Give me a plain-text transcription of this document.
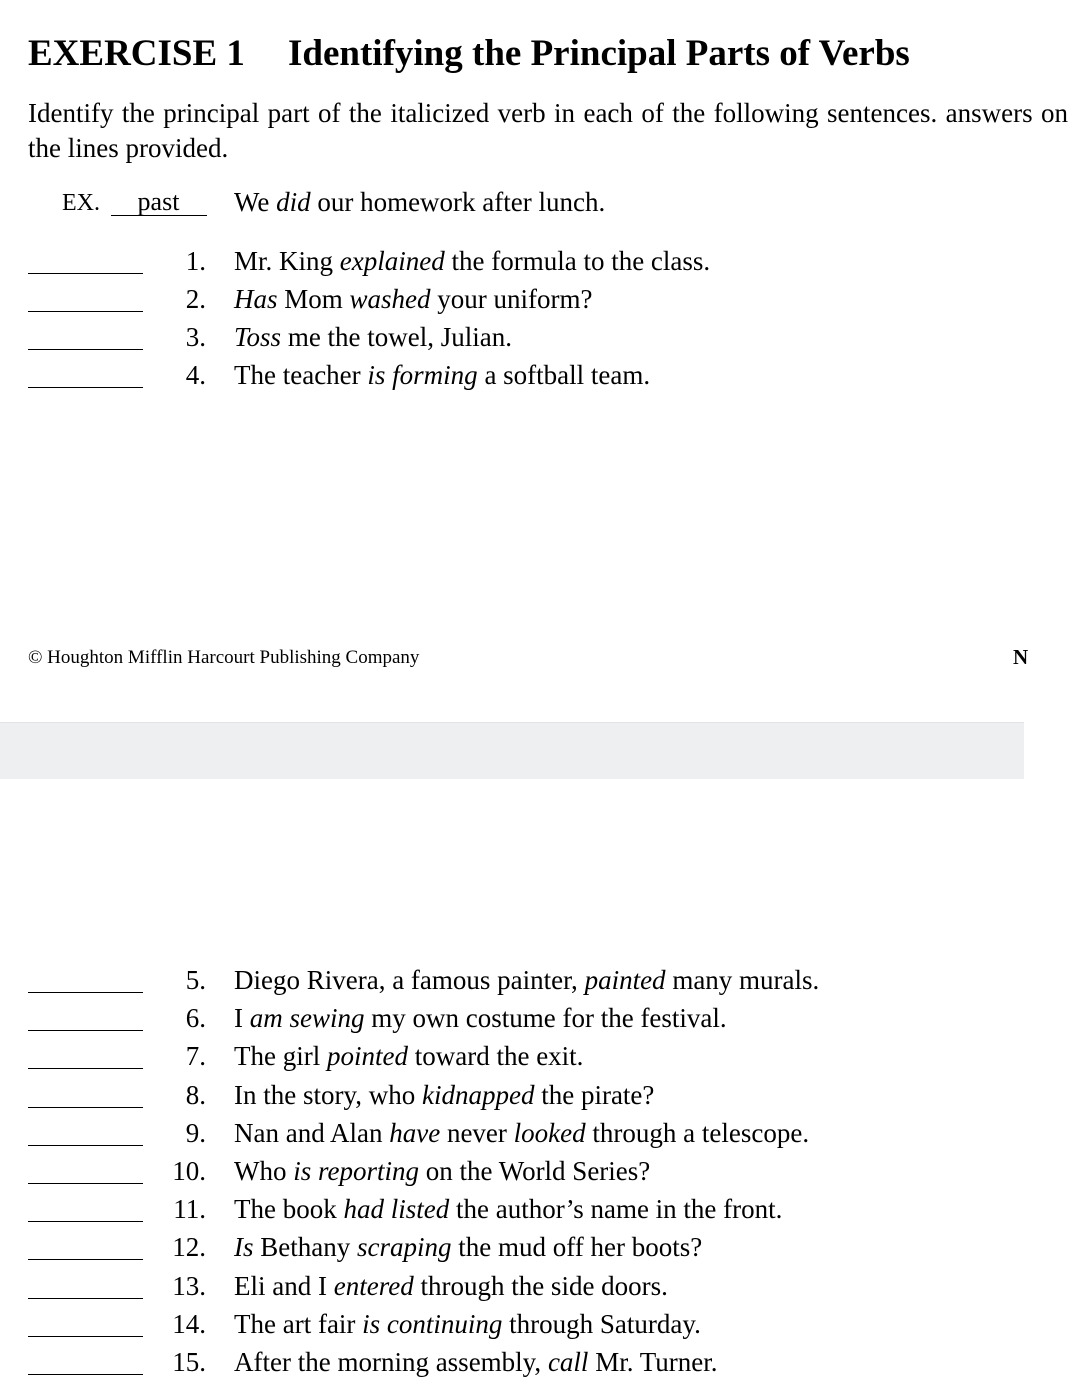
EXERCISE 1 Identifying the Principal Parts of Verbs
Identify the principal part of the italicized verb in each of the following sentences. answers on the lines provided.
EX. past	We did our homework after lunch.
1. Mr. King explained the formula to the class.
2. Has Mom washed your uniform?
3. Toss me the towel, Julian.
4. The teacher is forming a softball team.
© Houghton Mifflin Harcourt Publishing Company	N
5. Diego Rivera, a famous painter, painted many murals.
6. I am sewing my own costume for the festival.
7. The girl pointed toward the exit.
8. In the story, who kidnapped the pirate?
9. Nan and Alan have never looked through a telescope.
10. Who is reporting on the World Series?
11. The book had listed the author’s name in the front.
12. Is Bethany scraping the mud off her boots?
13. Eli and I entered through the side doors.
14. The art fair is continuing through Saturday.
15. After the morning assembly, call Mr. Turner.
